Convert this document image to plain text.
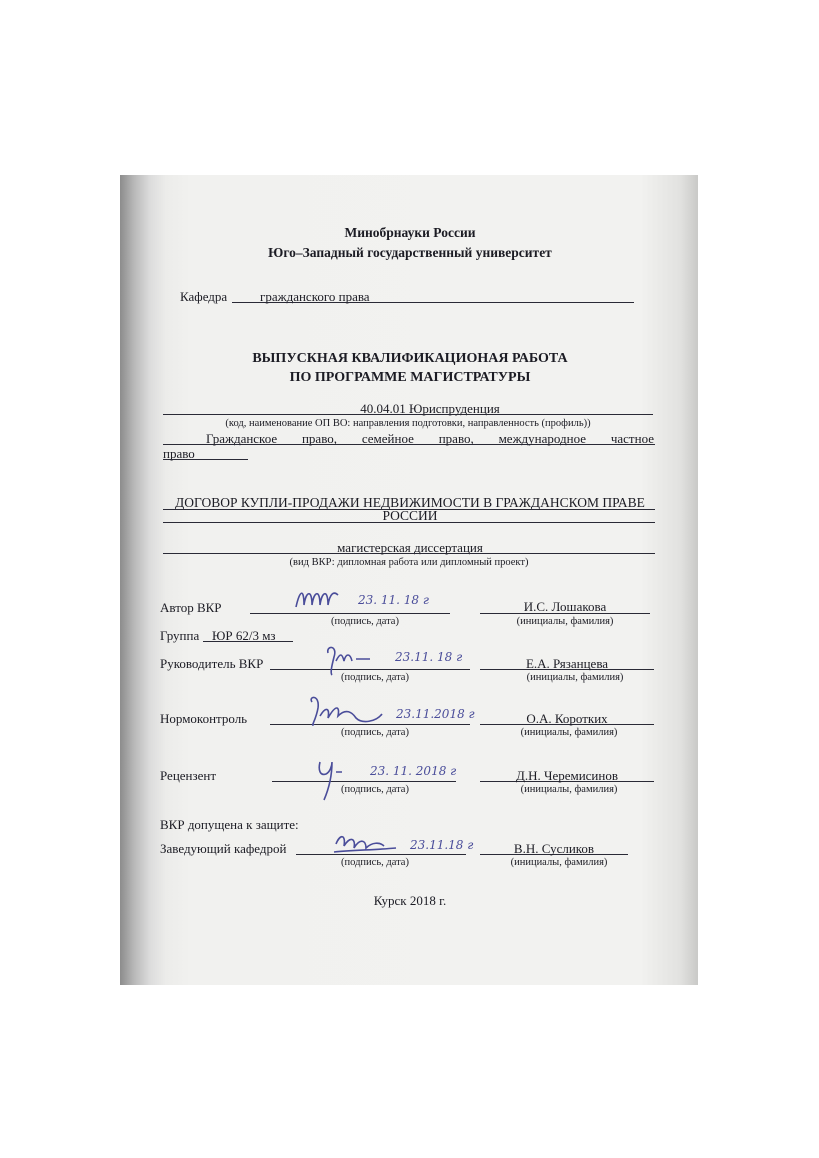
Минобрнауки России
Юго–Западный государственный университет
Кафедра	гражданского права
ВЫПУСКНАЯ КВАЛИФИКАЦИОНАЯ РАБОТА
ПО ПРОГРАММЕ МАГИСТРАТУРЫ
40.04.01 Юриспруденция
(код, наименование ОП ВО: направления подготовки, направленность (профиль))
Гражданское право, семейное право, международное частное
право
ДОГОВОР КУПЛИ-ПРОДАЖИ НЕДВИЖИМОСТИ В ГРАЖДАНСКОМ ПРАВЕ
РОССИИ
магистерская диссертация
(вид ВКР: дипломная работа или дипломный проект)
Автор ВКР	23. 11. 18 г	И.С. Лошакова
(подпись, дата)	(инициалы, фамилия)
Группа ЮР 62/3 мз
Руководитель ВКР	23.11. 18 г	Е.А. Рязанцева
(подпись, дата)	(инициалы, фамилия)
Нормоконтроль	23.11.2018 г	О.А. Коротких
(подпись, дата)	(инициалы, фамилия)
Рецензент	23. 11. 2018 г	Д.Н. Черемисинов
(подпись, дата)	(инициалы, фамилия)
ВКР допущена к защите:
Заведующий кафедрой	23.11.18 г	В.Н. Сусликов
(подпись, дата)	(инициалы, фамилия)
Курск 2018 г.
